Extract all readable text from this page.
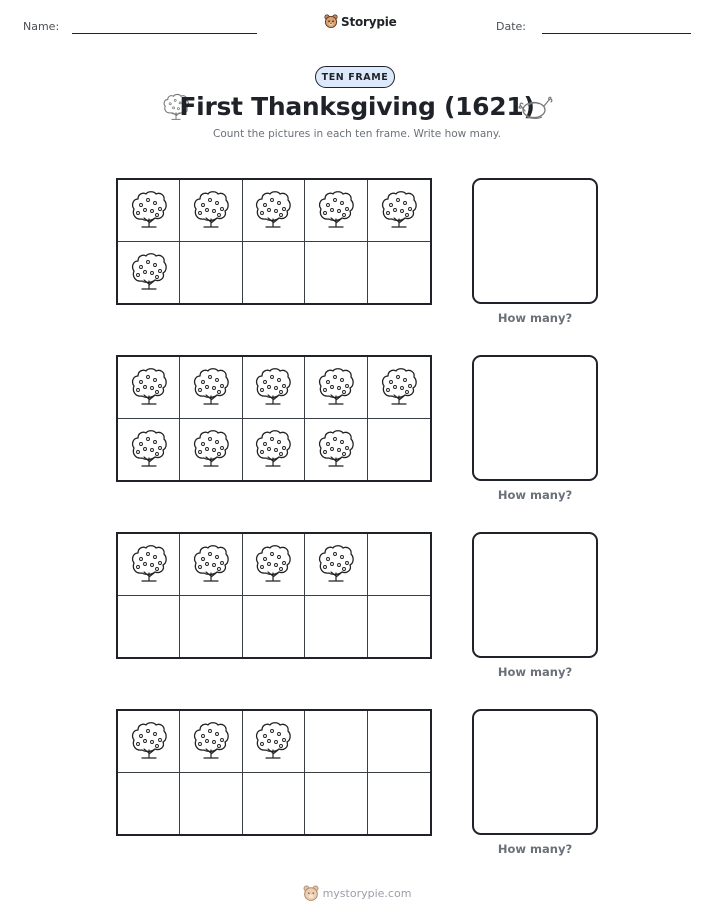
Name:	Storypie	Date:
TEN FRAME
First Thanksgiving (1621)
Count the pictures in each ten frame. Write how many.
How many?
How many?
How many?
How many?
mystorypie.com
